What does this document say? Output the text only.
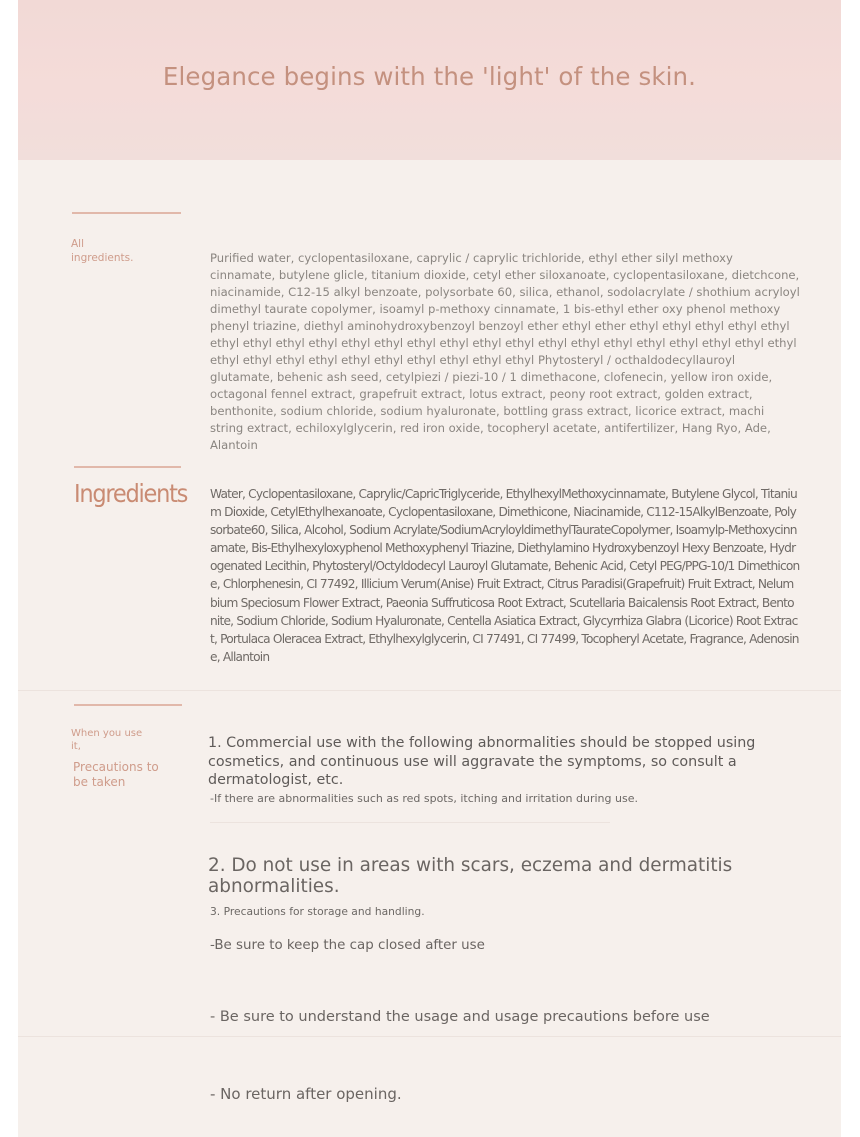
Elegance begins with the 'light' of the skin.
All
ingredients.	Purified water, cyclopentasiloxane, caprylic / caprylic trichloride, ethyl ether silyl methoxy cinnamate, butylene glicle, titanium dioxide, cetyl ether siloxanoate, cyclopentasiloxane, dietchcone, niacinamide, C12-15 alkyl benzoate, polysorbate 60, silica, ethanol, sodolacrylate / shothium acryloyl dimethyl taurate copolymer, isoamyl p-methoxy cinnamate, 1 bis-ethyl ether oxy phenol methoxy phenyl triazine, diethyl aminohydroxybenzoyl benzoyl ether ethyl ether ethyl ethyl ethyl ethyl ethyl ethyl ethyl ethyl ethyl ethyl ethyl ethyl ethyl ethyl ethyl ethyl ethyl ethyl ethyl ethyl ethyl ethyl ethyl ethyl ethyl ethyl ethyl ethyl ethyl ethyl ethyl ethyl ethyl Phytosteryl / octhaldodecyllauroyl glutamate, behenic ash seed, cetylpiezi / piezi-10 / 1 dimethacone, clofenecin, yellow iron oxide, octagonal fennel extract, grapefruit extract, lotus extract, peony root extract, golden extract, benthonite, sodium chloride, sodium hyaluronate, bottling grass extract, licorice extract, machi string extract, echiloxylglycerin, red iron oxide, tocopheryl acetate, antifertilizer, Hang Ryo, Ade, Alantoin
Ingredients Water, Cyclopentasiloxane, Caprylic/CapricTriglyceride, EthylhexylMethoxycinnamate, Butylene Glycol, Titanium Dioxide, CetylEthylhexanoate, Cyclopentasiloxane, Dimethicone, Niacinamide, C112-15AlkylBenzoate, Polysorbate60, Silica, Alcohol, Sodium Acrylate/SodiumAcryloyldimethylTaurateCopolymer, Isoamylp-Methoxycinnamate, Bis-Ethylhexyloxyphenol Methoxyphenyl Triazine, Diethylamino Hydroxybenzoyl Hexy Benzoate, Hydrogenated Lecithin, Phytosteryl/Octyldodecyl Lauroyl Glutamate, Behenic Acid, Cetyl PEG/PPG-10/1 Dimethicone, Chlorphenesin, CI 77492, Illicium Verum(Anise) Fruit Extract, Citrus Paradisi(Grapefruit) Fruit Extract, Nelumbium Speciosum Flower Extract, Paeonia Suffruticosa Root Extract, Scutellaria Baicalensis Root Extract, Bentonite, Sodium Chloride, Sodium Hyaluronate, Centella Asiatica Extract, Glycyrrhiza Glabra (Licorice) Root Extract, Portulaca Oleracea Extract, Ethylhexylglycerin, CI 77491, CI 77499, Tocopheryl Acetate, Fragrance, Adenosine, Allantoin
When you use
it,
Precautions to
be taken
1. Commercial use with the following abnormalities should be stopped using cosmetics, and continuous use will aggravate the symptoms, so consult a dermatologist, etc.
-If there are abnormalities such as red spots, itching and irritation during use.
2. Do not use in areas with scars, eczema and dermatitis abnormalities.
3. Precautions for storage and handling.
-Be sure to keep the cap closed after use
- Be sure to understand the usage and usage precautions before use
- No return after opening.
